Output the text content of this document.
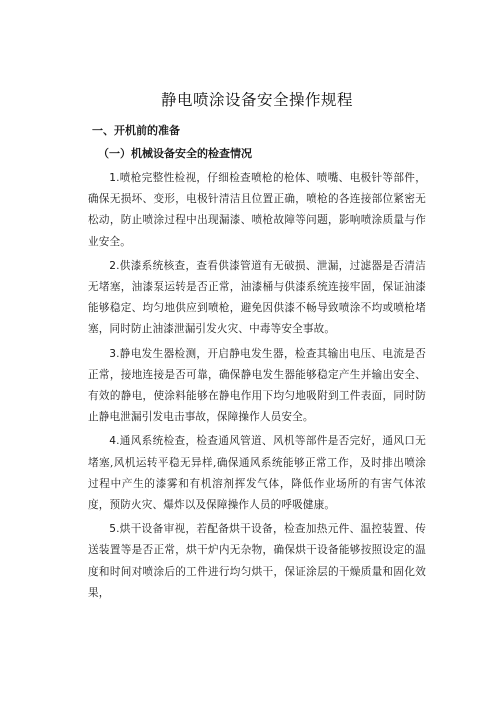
静电喷涂设备安全操作规程
一、开机前的准备
（一）机械设备安全的检查情况

1.喷枪完整性检视，仔细检查喷枪的枪体、喷嘴、电极针等部件，确保无损坏、变形，电极针清洁且位置正确，喷枪的各连接部位紧密无松动，防止喷涂过程中出现漏漆、喷枪故障等问题，影响喷涂质量与作业安全。

2.供漆系统核查，查看供漆管道有无破损、泄漏，过滤器是否清洁无堵塞，油漆泵运转是否正常，油漆桶与供漆系统连接牢固，保证油漆能够稳定、均匀地供应到喷枪，避免因供漆不畅导致喷涂不均或喷枪堵塞，同时防止油漆泄漏引发火灾、中毒等安全事故。

3.静电发生器检测，开启静电发生器，检查其输出电压、电流是否正常，接地连接是否可靠，确保静电发生器能够稳定产生并输出安全、有效的静电，使涂料能够在静电作用下均匀地吸附到工件表面，同时防止静电泄漏引发电击事故，保障操作人员安全。

4.通风系统检查，检查通风管道、风机等部件是否完好，通风口无堵塞,风机运转平稳无异样,确保通风系统能够正常工作，及时排出喷涂过程中产生的漆雾和有机溶剂挥发气体，降低作业场所的有害气体浓度，预防火灾、爆炸以及保障操作人员的呼吸健康。

5.烘干设备审视，若配备烘干设备，检查加热元件、温控装置、传送装置等是否正常，烘干炉内无杂物，确保烘干设备能够按照设定的温度和时间对喷涂后的工件进行均匀烘干，保证涂层的干燥质量和固化效果，
